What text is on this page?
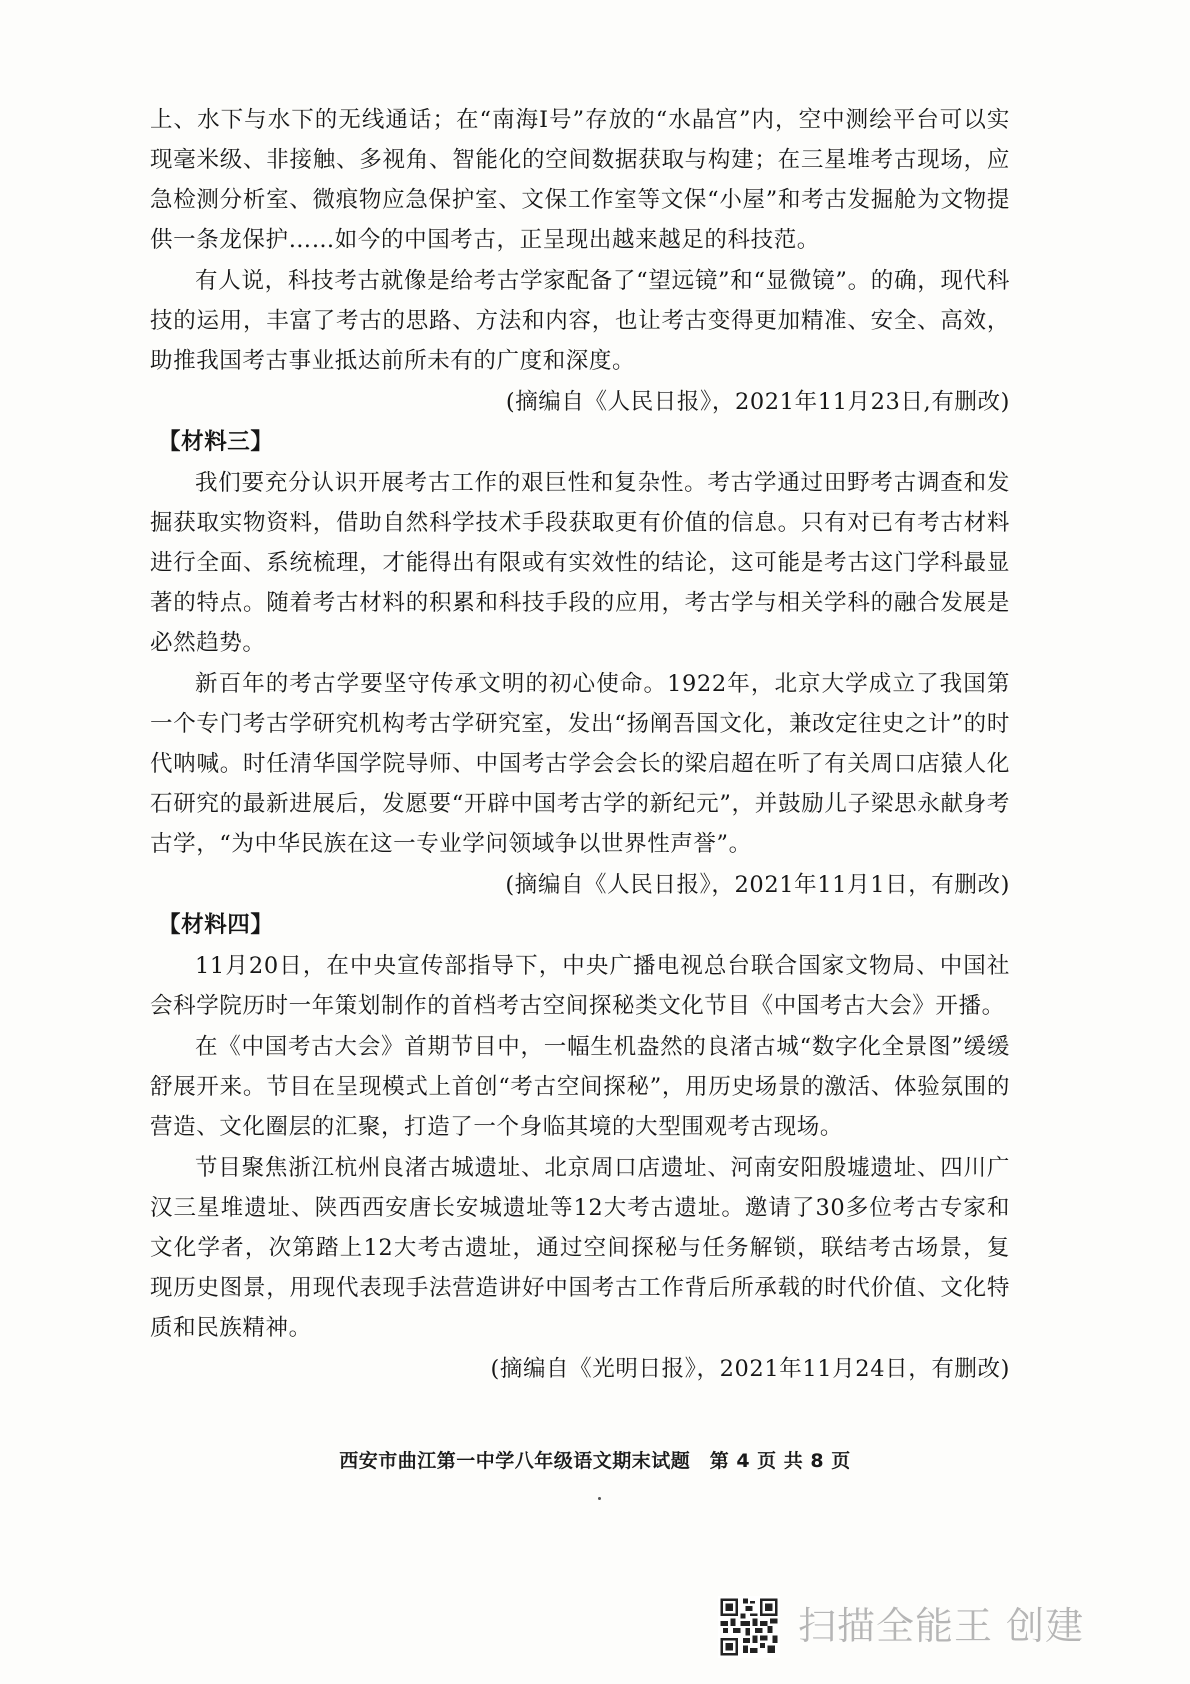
上、水下与水下的无线通话；在“南海Ⅰ号”存放的“水晶宫”内，空中测绘平台可以实现毫米级、非接触、多视角、智能化的空间数据获取与构建；在三星堆考古现场，应急检测分析室、微痕物应急保护室、文保工作室等文保“小屋”和考古发掘舱为文物提供一条龙保护……如今的中国考古，正呈现出越来越足的科技范。

有人说，科技考古就像是给考古学家配备了“望远镜”和“显微镜”。的确，现代科技的运用，丰富了考古的思路、方法和内容，也让考古变得更加精准、安全、高效，助推我国考古事业抵达前所未有的广度和深度。

(摘编自《人民日报》，2021年11月23日,有删改)

【材料三】

我们要充分认识开展考古工作的艰巨性和复杂性。考古学通过田野考古调查和发掘获取实物资料，借助自然科学技术手段获取更有价值的信息。只有对已有考古材料进行全面、系统梳理，才能得出有限或有实效性的结论，这可能是考古这门学科最显著的特点。随着考古材料的积累和科技手段的应用，考古学与相关学科的融合发展是必然趋势。

新百年的考古学要坚守传承文明的初心使命。1922年，北京大学成立了我国第一个专门考古学研究机构考古学研究室，发出“扬阐吾国文化，兼改定往史之计”的时代呐喊。时任清华国学院导师、中国考古学会会长的梁启超在听了有关周口店猿人化石研究的最新进展后，发愿要“开辟中国考古学的新纪元”，并鼓励儿子梁思永献身考古学，“为中华民族在这一专业学问领域争以世界性声誉”。

(摘编自《人民日报》，2021年11月1日，有删改)

【材料四】

11月20日，在中央宣传部指导下，中央广播电视总台联合国家文物局、中国社会科学院历时一年策划制作的首档考古空间探秘类文化节目《中国考古大会》开播。

在《中国考古大会》首期节目中，一幅生机盎然的良渚古城“数字化全景图”缓缓舒展开来。节目在呈现模式上首创“考古空间探秘”，用历史场景的激活、体验氛围的营造、文化圈层的汇聚，打造了一个身临其境的大型围观考古现场。

节目聚焦浙江杭州良渚古城遗址、北京周口店遗址、河南安阳殷墟遗址、四川广汉三星堆遗址、陕西西安唐长安城遗址等12大考古遗址。邀请了30多位考古专家和文化学者，次第踏上12大考古遗址，通过空间探秘与任务解锁，联结考古场景，复现历史图景，用现代表现手法营造讲好中国考古工作背后所承载的时代价值、文化特质和民族精神。

(摘编自《光明日报》，2021年11月24日，有删改)

西安市曲江第一中学八年级语文期末试题　第 4 页 共 8 页
扫描全能王 创建
